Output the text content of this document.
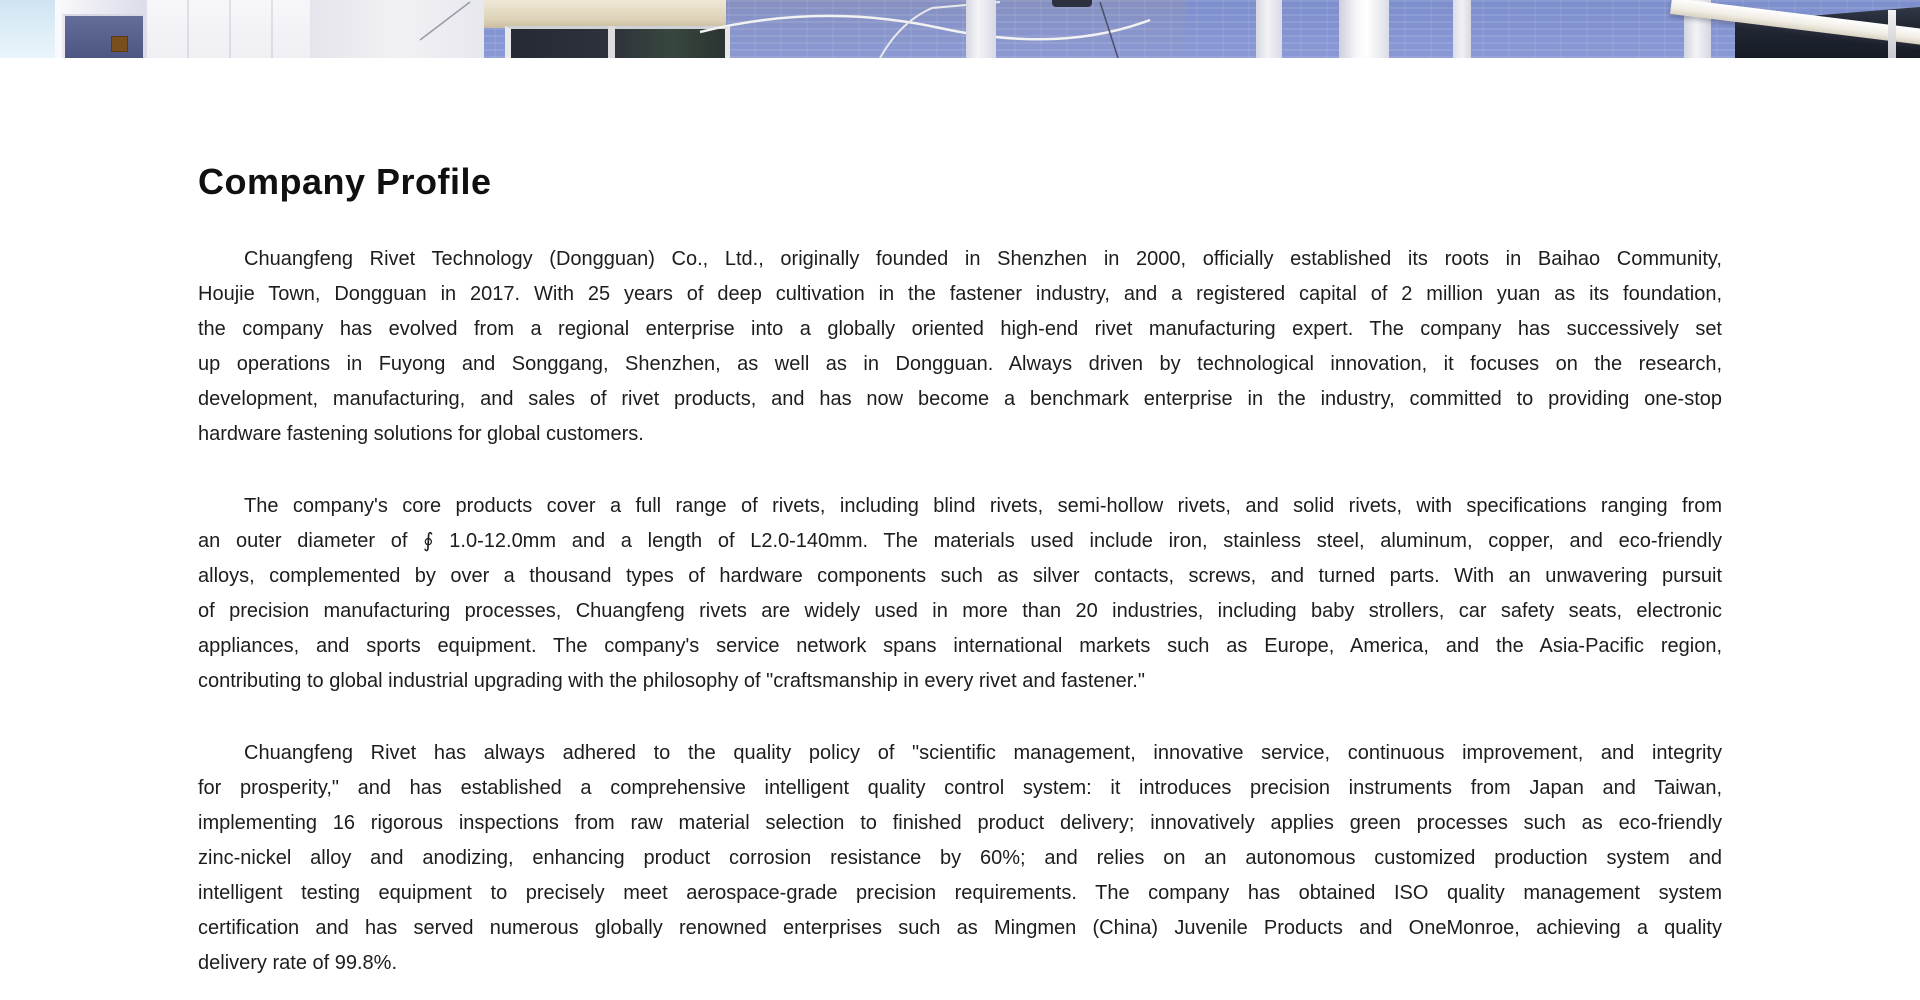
Company Profile
Chuangfeng Rivet Technology (Dongguan) Co., Ltd., originally founded in Shenzhen in 2000, officially established its roots in Baihao Community,
Houjie Town, Dongguan in 2017. With 25 years of deep cultivation in the fastener industry, and a registered capital of 2 million yuan as its foundation,
the company has evolved from a regional enterprise into a globally oriented high-end rivet manufacturing expert. The company has successively set
up operations in Fuyong and Songgang, Shenzhen, as well as in Dongguan. Always driven by technological innovation, it focuses on the research,
development, manufacturing, and sales of rivet products, and has now become a benchmark enterprise in the industry, committed to providing one-stop
hardware fastening solutions for global customers.
The company's core products cover a full range of rivets, including blind rivets, semi-hollow rivets, and solid rivets, with specifications ranging from
an outer diameter of ∮ 1.0-12.0mm and a length of L2.0-140mm. The materials used include iron, stainless steel, aluminum, copper, and eco-friendly
alloys, complemented by over a thousand types of hardware components such as silver contacts, screws, and turned parts. With an unwavering pursuit
of precision manufacturing processes, Chuangfeng rivets are widely used in more than 20 industries, including baby strollers, car safety seats, electronic
appliances, and sports equipment. The company's service network spans international markets such as Europe, America, and the Asia-Pacific region,
contributing to global industrial upgrading with the philosophy of "craftsmanship in every rivet and fastener."
Chuangfeng Rivet has always adhered to the quality policy of "scientific management, innovative service, continuous improvement, and integrity
for prosperity," and has established a comprehensive intelligent quality control system: it introduces precision instruments from Japan and Taiwan,
implementing 16 rigorous inspections from raw material selection to finished product delivery; innovatively applies green processes such as eco-friendly
zinc-nickel alloy and anodizing, enhancing product corrosion resistance by 60%; and relies on an autonomous customized production system and
intelligent testing equipment to precisely meet aerospace-grade precision requirements. The company has obtained ISO quality management system
certification and has served numerous globally renowned enterprises such as Mingmen (China) Juvenile Products and OneMonroe, achieving a quality
delivery rate of 99.8%.
